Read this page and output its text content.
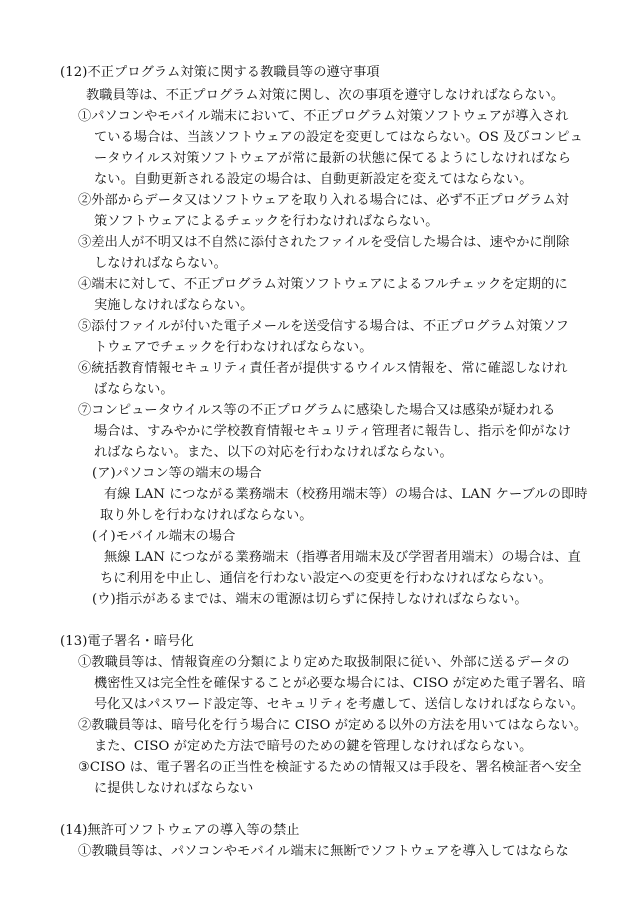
(12)不正プログラム対策に関する教職員等の遵守事項
教職員等は、不正プログラム対策に関し、次の事項を遵守しなければならない。
①パソコンやモバイル端末において、不正プログラム対策ソフトウェアが導入され
ている場合は、当該ソフトウェアの設定を変更してはならない。OS 及びコンピュ
ータウイルス対策ソフトウェアが常に最新の状態に保てるようにしなければなら
ない。自動更新される設定の場合は、自動更新設定を変えてはならない。
②外部からデータ又はソフトウェアを取り入れる場合には、必ず不正プログラム対
策ソフトウェアによるチェックを行わなければならない。
③差出人が不明又は不自然に添付されたファイルを受信した場合は、速やかに削除
しなければならない。
④端末に対して、不正プログラム対策ソフトウェアによるフルチェックを定期的に
実施しなければならない。
⑤添付ファイルが付いた電子メールを送受信する場合は、不正プログラム対策ソフ
トウェアでチェックを行わなければならない。
⑥統括教育情報セキュリティ責任者が提供するウイルス情報を、常に確認しなけれ
ばならない。
⑦コンピュータウイルス等の不正プログラムに感染した場合又は感染が疑われる
場合は、すみやかに学校教育情報セキュリティ管理者に報告し、指示を仰がなけ
ればならない。また、以下の対応を行わなければならない。
(ア)パソコン等の端末の場合
有線 LAN につながる業務端末（校務用端末等）の場合は、LAN ケーブルの即時
取り外しを行わなければならない。
(イ)モバイル端末の場合
無線 LAN につながる業務端末（指導者用端末及び学習者用端末）の場合は、直
ちに利用を中止し、通信を行わない設定への変更を行わなければならない。
(ウ)指示があるまでは、端末の電源は切らずに保持しなければならない。
(13)電子署名・暗号化
①教職員等は、情報資産の分類により定めた取扱制限に従い、外部に送るデータの
機密性又は完全性を確保することが必要な場合には、CISO が定めた電子署名、暗
号化又はパスワード設定等、セキュリティを考慮して、送信しなければならない。
②教職員等は、暗号化を行う場合に CISO が定める以外の方法を用いてはならない。
また、CISO が定めた方法で暗号のための鍵を管理しなければならない。
③CISO は、電子署名の正当性を検証するための情報又は手段を、署名検証者へ安全
に提供しなければならない
(14)無許可ソフトウェアの導入等の禁止
①教職員等は、パソコンやモバイル端末に無断でソフトウェアを導入してはならな
